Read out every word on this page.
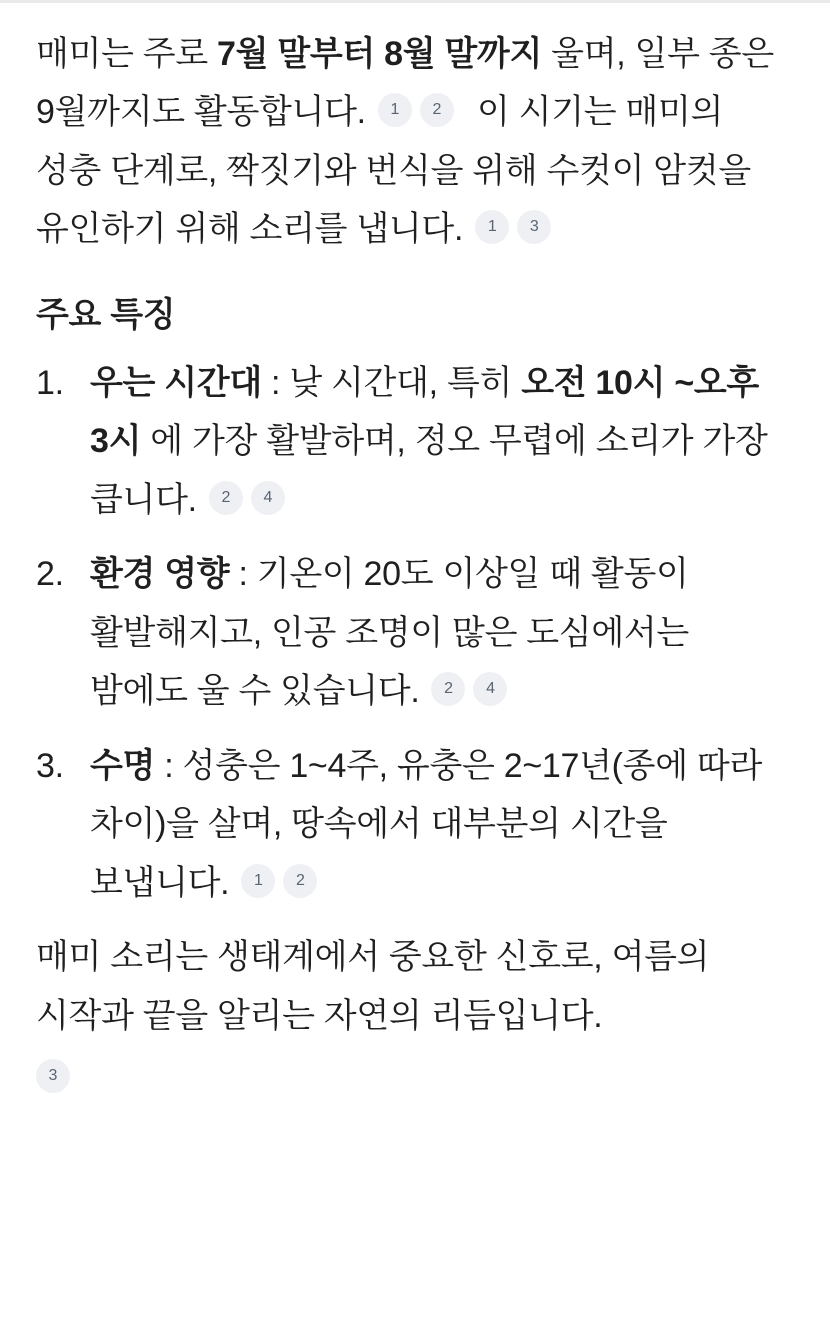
매미는 주로 7월 말부터 8월 말까지 울며, 일부 종은 9월까지도 활동합니다. 1 2 이 시기는 매미의 성충 단계로, 짝짓기와 번식을 위해 수컷이 암컷을 유인하기 위해 소리를 냅니다. 1 3

주요 특징
1. 우는 시간대 : 낮 시간대, 특히 오전 10시 ~오후 3시 에 가장 활발하며, 정오 무렵에 소리가 가장 큽니다. 2 4
2. 환경 영향 : 기온이 20도 이상일 때 활동이 활발해지고, 인공 조명이 많은 도심에서는 밤에도 울 수 있습니다. 2 4
3. 수명 : 성충은 1~4주, 유충은 2~17년(종에 따라 차이)을 살며, 땅속에서 대부분의 시간을 보냅니다. 1 2

매미 소리는 생태계에서 중요한 신호로, 여름의 시작과 끝을 알리는 자연의 리듬입니다.

3
